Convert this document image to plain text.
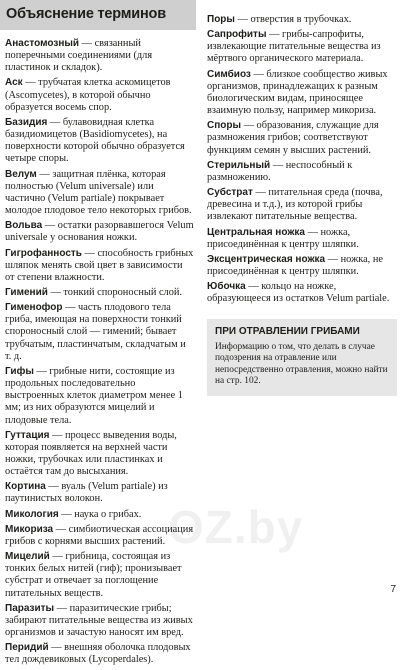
Объяснение терминов
Анастомозный — связанный поперечными соединениями (для пластинок и складок).
Аск — трубчатая клетка аскомицетов (Ascomycetes), в которой обычно образуется восемь спор.
Базидия — булавовидная клетка базидиомицетов (Basidiomycetes), на поверхности которой обычно образуется четыре споры.
Велум — защитная плёнка, которая полностью (Velum universale) или частично (Velum partiale) покрывает молодое плодовое тело некоторых грибов.
Вольва — остатки разорвавшегося Velum universale у основания ножки.
Гигрофанность — способность грибных шляпок менять свой цвет в зависимости от степени влажности.
Гимений — тонкий спороносный слой.
Гименофор — часть плодового тела гриба, имеющая на поверхности тонкий спороносный слой — гимений; бывает трубчатым, пластинчатым, складчатым и т. д.
Гифы — грибные нити, состоящие из продольных последовательно выстроенных клеток диаметром менее 1 мм; из них образуются мицелий и плодовые тела.
Гуттация — процесс выведения воды, которая появляется на верхней части ножки, трубочках или пластинках и остаётся там до высыхания.
Кортина — вуаль (Velum partiale) из паутинистых волокон.
Микология — наука о грибах.
Микориза — симбиотическая ассоциация грибов с корнями высших растений.
Мицелий — грибница, состоящая из тонких белых нитей (гиф); пронизывает субстрат и отвечает за поглощение питательных веществ.
Паразиты — паразитические грибы; забирают питательные вещества из живых организмов и зачастую наносят им вред.
Перидий — внешняя оболочка плодовых тел дождевиковых (Lycoperdales).
Поры — отверстия в трубочках.
Сапрофиты — грибы-сапрофиты, извлекающие питательные вещества из мёртвого органического материала.
Симбиоз — близкое сообщество живых организмов, принадлежащих к разным биологическим видам, приносящее взаимную пользу, например микориза.
Споры — образования, служащие для размножения грибов; соответствуют функциям семян у высших растений.
Стерильный — неспособный к размножению.
Субстрат — питательная среда (почва, древесина и т.д.), из которой грибы извлекают питательные вещества.
Центральная ножка — ножка, присоединённая к центру шляпки.
Эксцентрическая ножка — ножка, не присоединённая к центру шляпки.
Юбочка — кольцо на ножке, образующееся из остатков Velum partiale.
ПРИ ОТРАВЛЕНИИ ГРИБАМИ
Информацию о том, что делать в случае подозрения на отравление или непосредственно отравления, можно найти на стр. 102.
OZ.by
7
